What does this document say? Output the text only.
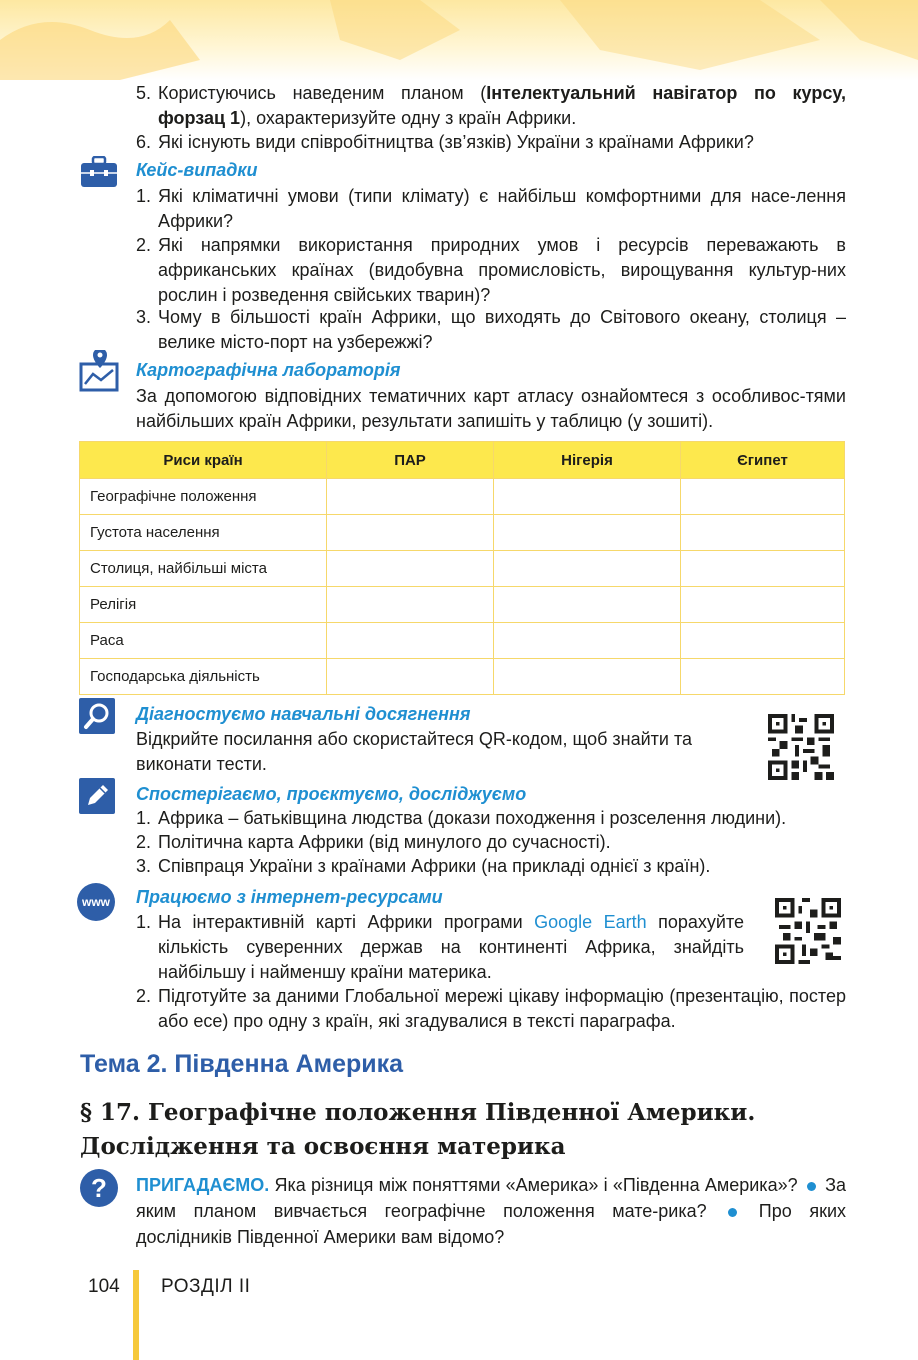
5. Користуючись наведеним планом (Інтелектуальний навігатор по курсу, форзац 1), охарактеризуйте одну з країн Африки.
6. Які існують види співробітництва (зв’язків) України з країнами Африки?
Кейс-випадки
1. Які кліматичні умови (типи клімату) є найбільш комфортними для насе-лення Африки?
2. Які напрямки використання природних умов і ресурсів переважають в африканських країнах (видобувна промисловість, вирощування культур-них рослин і розведення свійських тварин)?
3. Чому в більшості країн Африки, що виходять до Світового океану, столиця – велике місто-порт на узбережжі?
Картографічна лабораторія
За допомогою відповідних тематичних карт атласу ознайомтеся з особливос-тями найбільших країн Африки, результати запишіть у таблицю (у зошиті).
Риси країн	ПАР	Нігерія	Єгипет
Географічне положення			
Густота населення			
Столиця, найбільші міста			
Релігія			
Раса			
Господарська діяльність			
Діагностуємо навчальні досягнення
Відкрийте посилання або скористайтеся QR-кодом, щоб знайти та виконати тести.
Спостерігаємо, проєктуємо, досліджуємо
1. Африка – батьківщина людства (докази походження і розселення людини).
2. Політична карта Африки (від минулого до сучасності).
3. Співпраця України з країнами Африки (на прикладі однієї з країн).
www Працюємо з інтернет-ресурсами
1. На інтерактивній карті Африки програми Google Earth порахуйте кількість суверенних держав на континенті Африка, знайдіть найбільшу і найменшу країни материка.
2. Підготуйте за даними Глобальної мережі цікаву інформацію (презентацію, постер або есе) про одну з країн, які згадувалися в тексті параграфа.
Тема 2. Південна Америка
§ 17. Географічне положення Південної Америки.
Дослідження та освоєння материка
? ПРИГАДАЄМО. Яка різниця між поняттями «Америка» і «Південна Америка»?  За яким планом вивчається географічне положення мате-рика?  Про яких дослідників Південної Америки вам відомо?
104 РОЗДІЛ II
